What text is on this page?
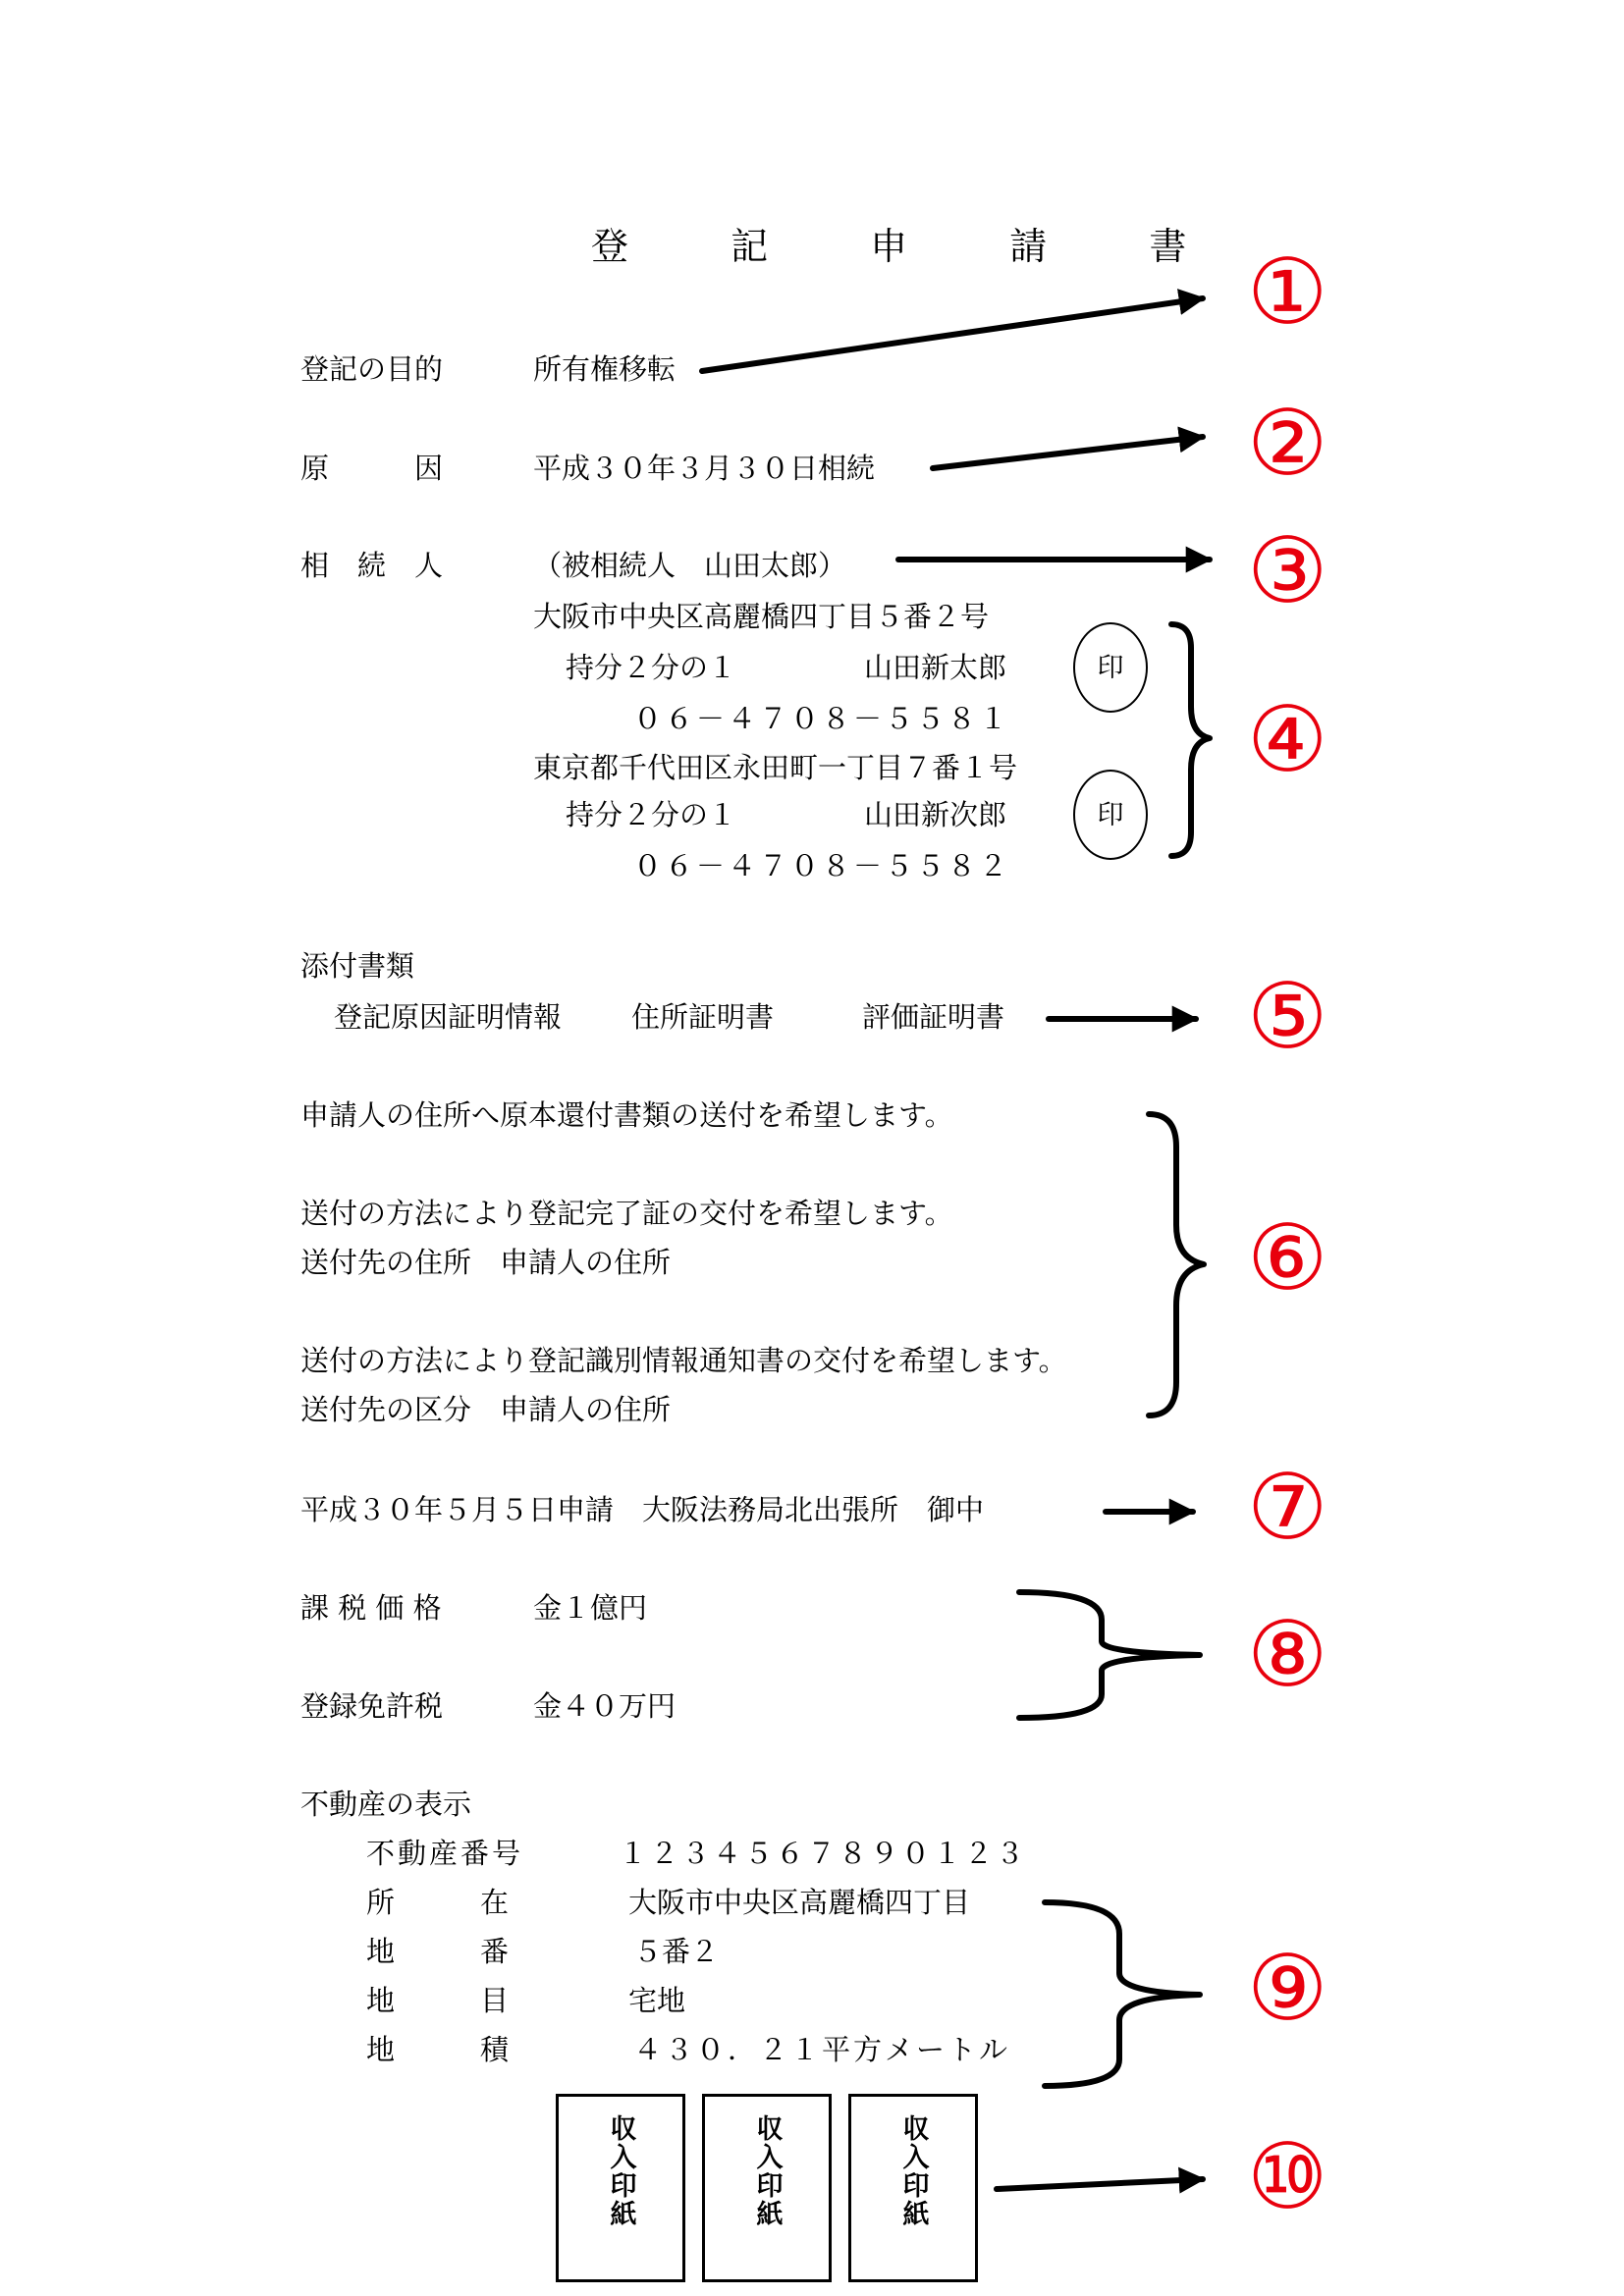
登 記 申 請 書
登記の目的	所有権移転
原　　　因	平成３０年３月３０日相続
相　続　人	（被相続人　山田太郎）
大阪市中央区高麗橋四丁目５番２号
持分２分の１	山田新太郎	印
０６－４７０８－５５８１
東京都千代田区永田町一丁目７番１号
持分２分の１	山田新次郎	印
０６－４７０８－５５８２
添付書類
登記原因証明情報 住所証明書	評価証明書
申請人の住所へ原本還付書類の送付を希望します。
送付の方法により登記完了証の交付を希望します。
送付先の住所　申請人の住所
送付の方法により登記識別情報通知書の交付を希望します。
送付先の区分　申請人の住所
平成３０年５月５日申請　大阪法務局北出張所　御中
課 税 価 格	金１億円
登録免許税	金４０万円
不動産の表示
不動産番号	１２３４５６７８９０１２３
所　　　在	大阪市中央区高麗橋四丁目
地　　　番	５番２
地　　　目	宅地
地　　　積	４３０．２１平方メートル
収入印紙	収入印紙	収入印紙
①
②
③
④
⑤
⑥
⑦
⑧
⑨
⑩
